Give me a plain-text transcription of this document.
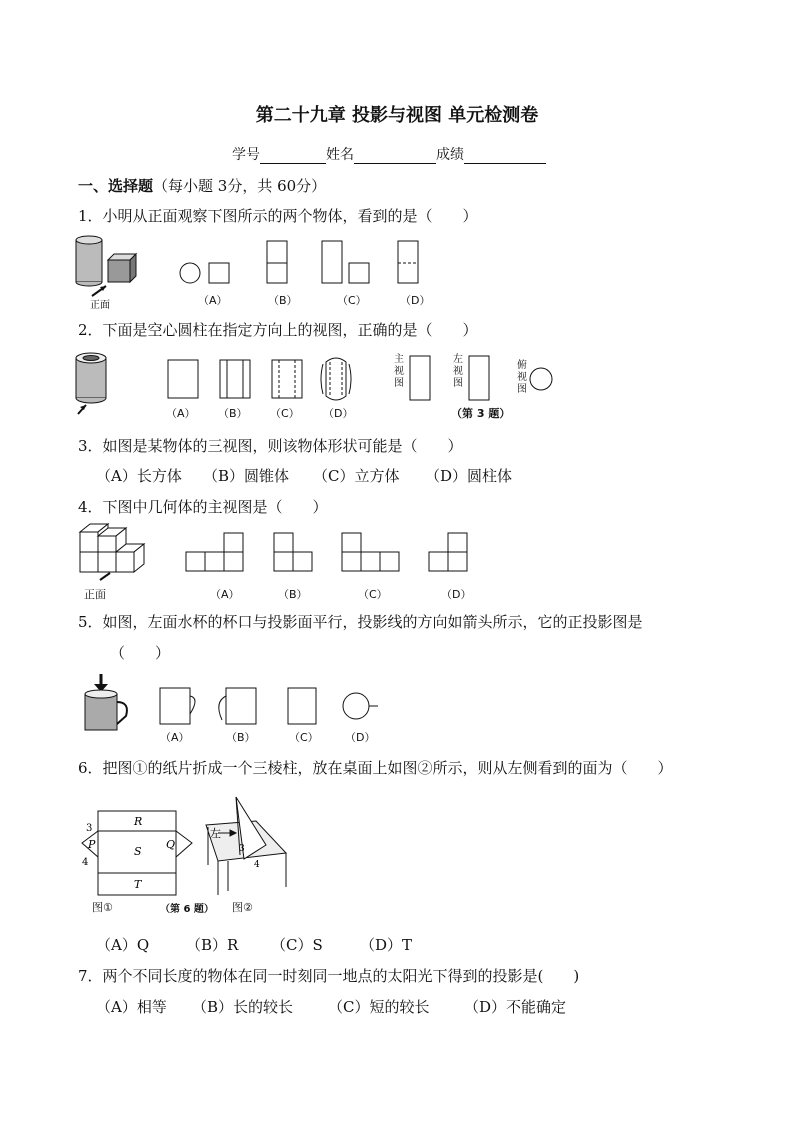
第二十九章 投影与视图 单元检测卷
学号	姓名	成绩
一、选择题（每小题 3分，共 60分）
1．小明从正面观察下图所示的两个物体，看到的是（　　）
正面	（A）	（B）	（C）	（D）
2．下面是空心圆柱在指定方向上的视图，正确的是（　　）
（A） （B） （C） （D）
主视图
左视图
俯视图
（第 3 题）
3．如图是某物体的三视图，则该物体形状可能是（　　）
（A）长方体 （B）圆锥体 （C）立方体 （D）圆柱体
4．下图中几何体的主视图是（　　）
正面	（A）	（B）	（C）	（D）
5．如图，左面水杯的杯口与投影面平行，投影线的方向如箭头所示，它的正投影图是
（　　）
（A）	（B）	（C） （D）
6．把图①的纸片折成一个三棱柱，放在桌面上如图②所示，则从左侧看到的面为（　　）
R
S
T
P	Q
3
4
左
3
4
图①	（第 6 题） 图②
（A）Q （B）R （C）S （D）T
7．两个不同长度的物体在同一时刻同一地点的太阳光下得到的投影是(　　)
（A）相等 （B）长的较长 （C）短的较长 （D）不能确定
